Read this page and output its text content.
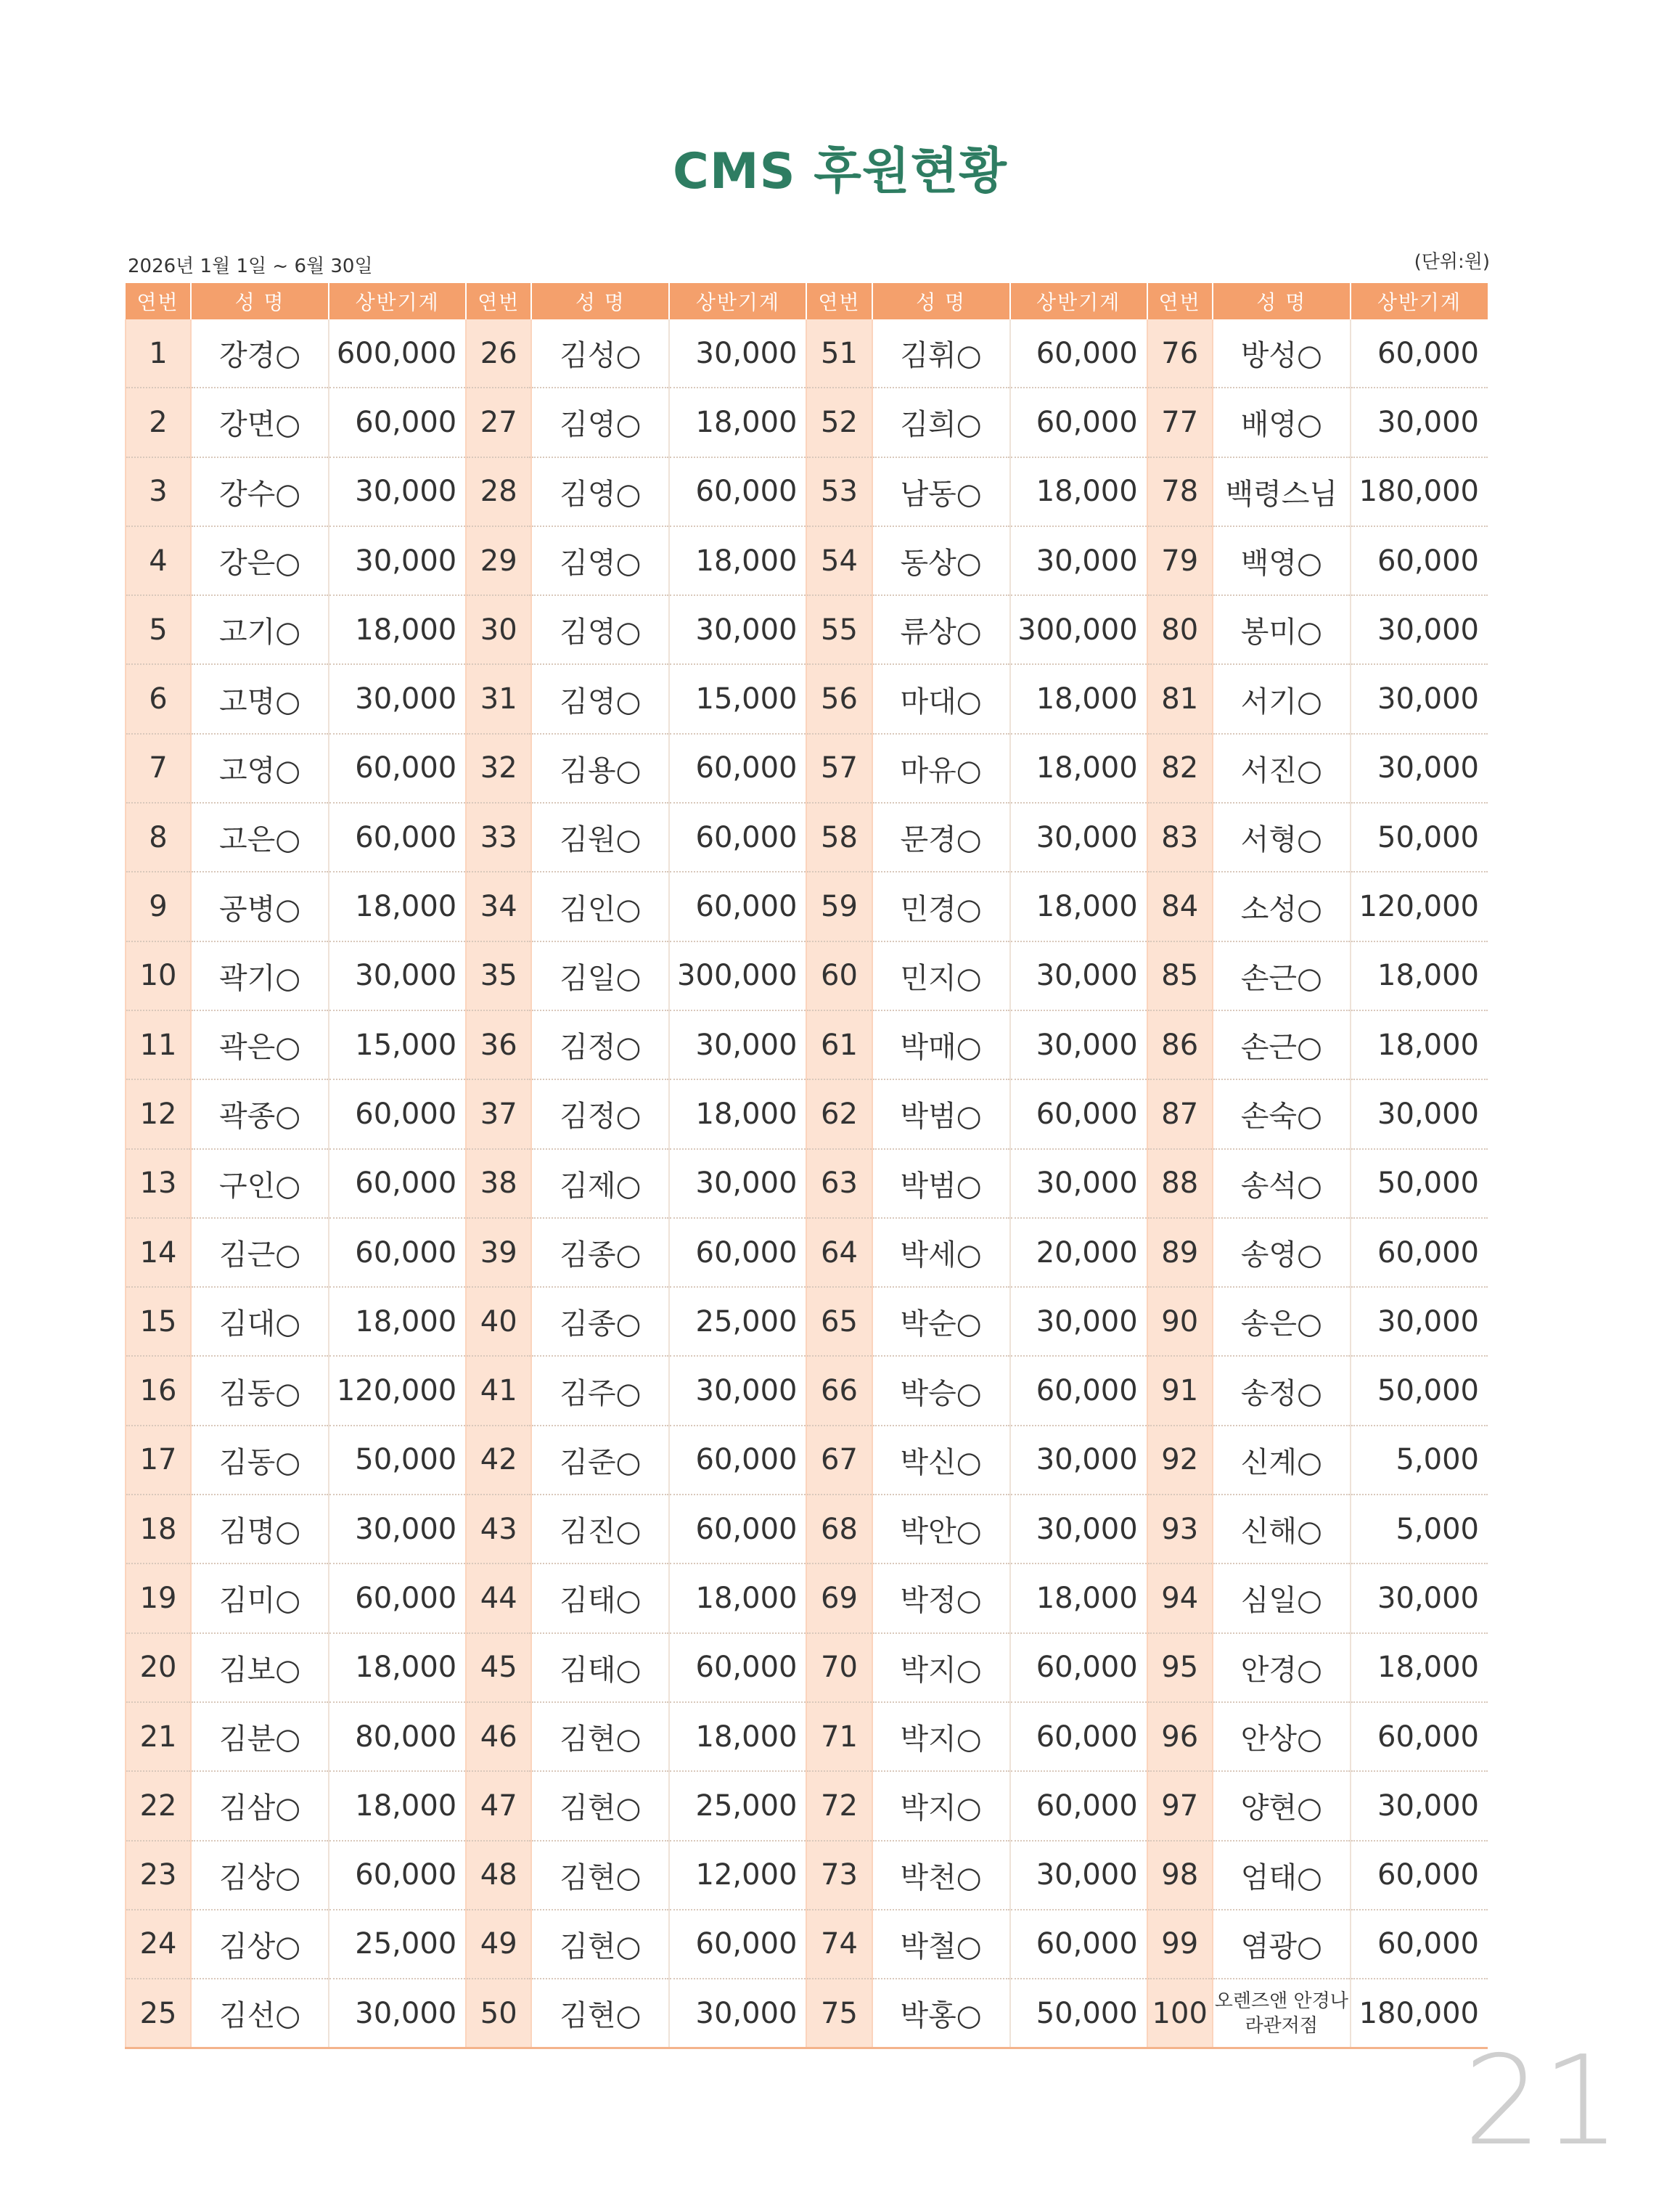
CMS 후원현황
2026년 1월 1일 ~ 6월 30일	(단위:원)
연번	성 명	상반기계	연번	성 명	상반기계	연번	성 명	상반기계	연번	성 명	상반기계
1	강경○	600,000	26	김성○	30,000	51	김휘○	60,000	76	방성○	60,000
2	강면○	60,000	27	김영○	18,000	52	김희○	60,000	77	배영○	30,000
3	강수○	30,000	28	김영○	60,000	53	남동○	18,000	78	백령스님	180,000
4	강은○	30,000	29	김영○	18,000	54	동상○	30,000	79	백영○	60,000
5	고기○	18,000	30	김영○	30,000	55	류상○	300,000	80	봉미○	30,000
6	고명○	30,000	31	김영○	15,000	56	마대○	18,000	81	서기○	30,000
7	고영○	60,000	32	김용○	60,000	57	마유○	18,000	82	서진○	30,000
8	고은○	60,000	33	김원○	60,000	58	문경○	30,000	83	서형○	50,000
9	공병○	18,000	34	김인○	60,000	59	민경○	18,000	84	소성○	120,000
10	곽기○	30,000	35	김일○	300,000	60	민지○	30,000	85	손근○	18,000
11	곽은○	15,000	36	김정○	30,000	61	박매○	30,000	86	손근○	18,000
12	곽종○	60,000	37	김정○	18,000	62	박범○	60,000	87	손숙○	30,000
13	구인○	60,000	38	김제○	30,000	63	박범○	30,000	88	송석○	50,000
14	김근○	60,000	39	김종○	60,000	64	박세○	20,000	89	송영○	60,000
15	김대○	18,000	40	김종○	25,000	65	박순○	30,000	90	송은○	30,000
16	김동○	120,000	41	김주○	30,000	66	박승○	60,000	91	송정○	50,000
17	김동○	50,000	42	김준○	60,000	67	박신○	30,000	92	신계○	5,000
18	김명○	30,000	43	김진○	60,000	68	박안○	30,000	93	신해○	5,000
19	김미○	60,000	44	김태○	18,000	69	박정○	18,000	94	심일○	30,000
20	김보○	18,000	45	김태○	60,000	70	박지○	60,000	95	안경○	18,000
21	김분○	80,000	46	김현○	18,000	71	박지○	60,000	96	안상○	60,000
22	김삼○	18,000	47	김현○	25,000	72	박지○	60,000	97	양현○	30,000
23	김상○	60,000	48	김현○	12,000	73	박천○	30,000	98	엄태○	60,000
24	김상○	25,000	49	김현○	60,000	74	박철○	60,000	99	염광○	60,000
25	김선○	30,000	50	김현○	30,000	75	박홍○	50,000	100	오렌즈앤 안경나라관저점	180,000
21
